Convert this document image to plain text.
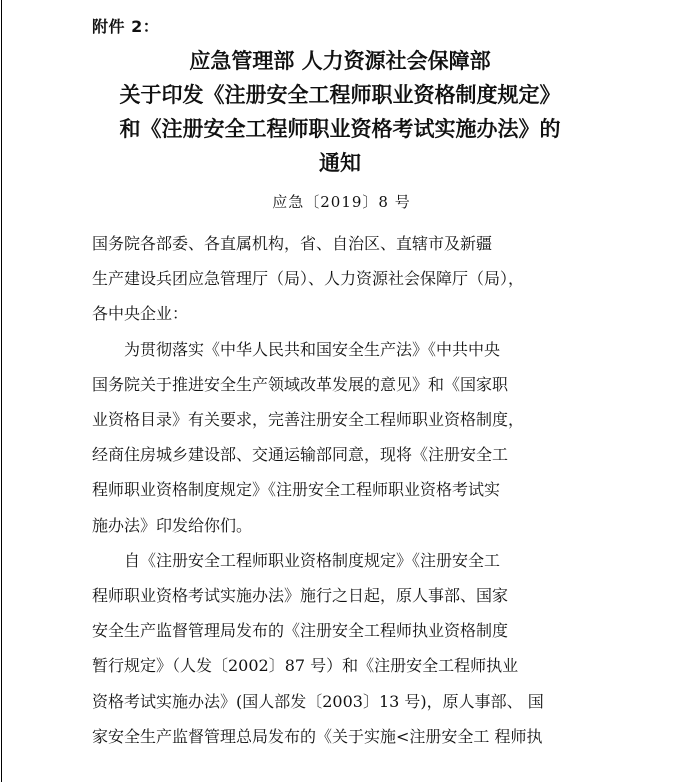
附件 2：
应急管理部 人力资源社会保障部
关于印发《注册安全工程师职业资格制度规定》
和《注册安全工程师职业资格考试实施办法》的
通知
应急〔2019〕8 号
国务院各部委、各直属机构，省、自治区、直辖市及新疆
生产建设兵团应急管理厅（局）、人力资源社会保障厅（局），
各中央企业：
为贯彻落实《中华人民共和国安全生产法》《中共中央
国务院关于推进安全生产领域改革发展的意见》和《国家职
业资格目录》有关要求，完善注册安全工程师职业资格制度，
经商住房城乡建设部、交通运输部同意，现将《注册安全工
程师职业资格制度规定》《注册安全工程师职业资格考试实
施办法》印发给你们。
自《注册安全工程师职业资格制度规定》《注册安全工
程师职业资格考试实施办法》施行之日起，原人事部、国家
安全生产监督管理局发布的《注册安全工程师执业资格制度
暂行规定》（人发〔2002〕87 号）和《注册安全工程师执业
资格考试实施办法》(国人部发〔2003〕13 号)，原人事部、 国
家安全生产监督管理总局发布的《关于实施<注册安全工 程师执
